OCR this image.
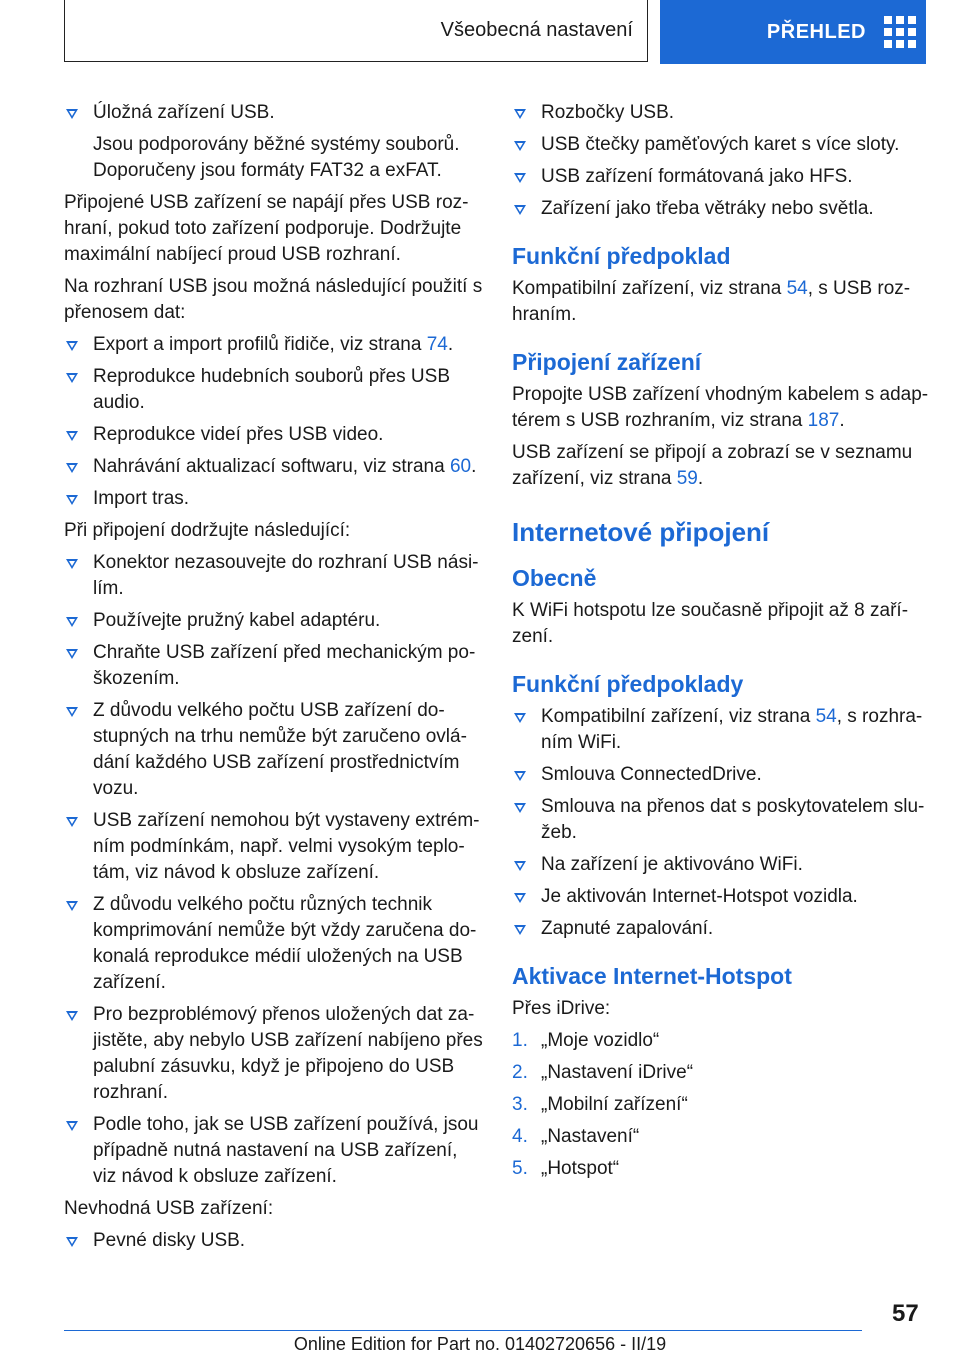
Všeobecná nastavení	PŘEHLED
Úložná zařízení USB.
Jsou podporovány běžné systémy souborů. Doporučeny jsou formáty FAT32 a exFAT.
Připojené USB zařízení se napájí přes USB rozhraní, pokud toto zařízení podporuje. Dodržujte maximální nabíjecí proud USB rozhraní.
Na rozhraní USB jsou možná následující použití s přenosem dat:
Export a import profilů řidiče, viz strana 74.
Reprodukce hudebních souborů přes USB audio.
Reprodukce videí přes USB video.
Nahrávání aktualizací softwaru, viz strana 60.
Import tras.
Při připojení dodržujte následující:
Konektor nezasouvejte do rozhraní USB násilím.
Používejte pružný kabel adaptéru.
Chraňte USB zařízení před mechanickým poškozením.
Z důvodu velkého počtu USB zařízení dostupných na trhu nemůže být zaručeno ovládání každého USB zařízení prostřednictvím vozu.
USB zařízení nemohou být vystaveny extrémním podmínkám, např. velmi vysokým teplotám, viz návod k obsluze zařízení.
Z důvodu velkého počtu různých technik komprimování nemůže být vždy zaručena dokonalá reprodukce médií uložených na USB zařízení.
Pro bezproblémový přenos uložených dat zajistěte, aby nebylo USB zařízení nabíjeno přes palubní zásuvku, když je připojeno do USB rozhraní.
Podle toho, jak se USB zařízení používá, jsou případně nutná nastavení na USB zařízení, viz návod k obsluze zařízení.
Nevhodná USB zařízení:
Pevné disky USB.
Rozbočky USB.
USB čtečky paměťových karet s více sloty.
USB zařízení formátovaná jako HFS.
Zařízení jako třeba větráky nebo světla.
Funkční předpoklad
Kompatibilní zařízení, viz strana 54, s USB rozhraním.
Připojení zařízení
Propojte USB zařízení vhodným kabelem s adaptérem s USB rozhraním, viz strana 187.
USB zařízení se připojí a zobrazí se v seznamu zařízení, viz strana 59.
Internetové připojení
Obecně
K WiFi hotspotu lze současně připojit až 8 zařízení.
Funkční předpoklady
Kompatibilní zařízení, viz strana 54, s rozhraním WiFi.
Smlouva ConnectedDrive.
Smlouva na přenos dat s poskytovatelem služeb.
Na zařízení je aktivováno WiFi.
Je aktivován Internet-Hotspot vozidla.
Zapnuté zapalování.
Aktivace Internet-Hotspot
Přes iDrive:
1. „Moje vozidlo“
2. „Nastavení iDrive“
3. „Mobilní zařízení“
4. „Nastavení“
5. „Hotspot“
57
Online Edition for Part no. 01402720656 - II/19
